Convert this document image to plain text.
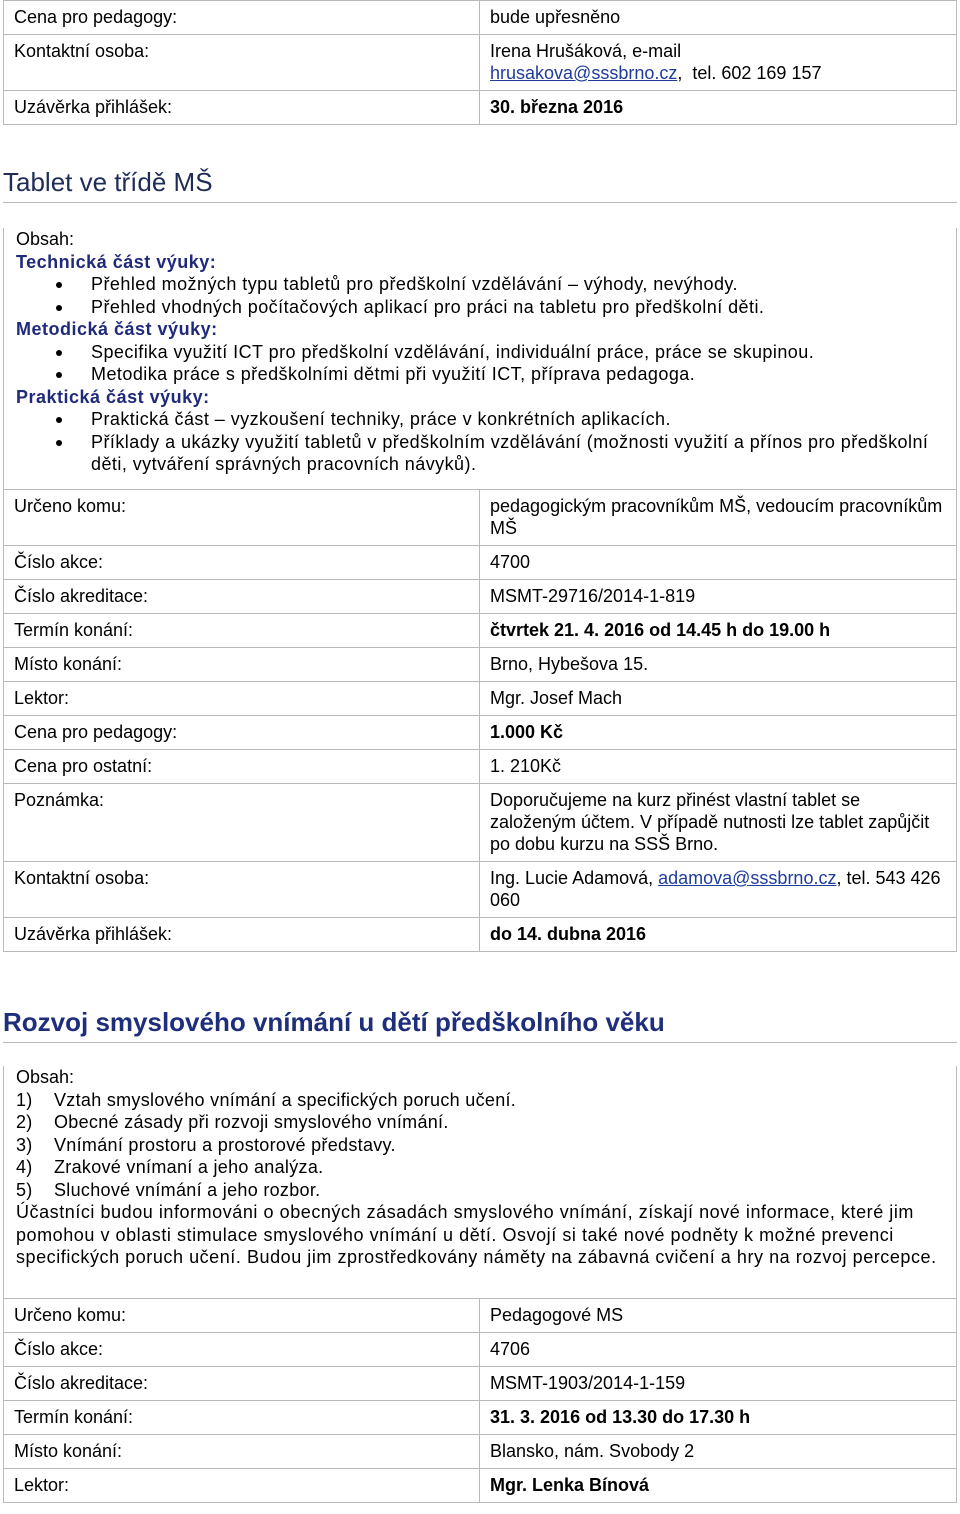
Cena pro pedagogy:	bude upřesněno
Kontaktní osoba:	Irena Hrušáková, e-mail
hrusakova@sssbrno.cz,  tel. 602 169 157
Uzávěrka přihlášek:	30. března 2016
Tablet ve třídě MŠ
Obsah:
Technická část výuky:
Přehled možných typu tabletů pro předškolní vzdělávání – výhody, nevýhody.
Přehled vhodných počítačových aplikací pro práci na tabletu pro předškolní děti.
Metodická část výuky:
Specifika využití ICT pro předškolní vzdělávání, individuální práce, práce se skupinou.
Metodika práce s předškolními dětmi při využití ICT, příprava pedagoga.
Praktická část výuky:
Praktická část – vyzkoušení techniky, práce v konkrétních aplikacích.
Příklady a ukázky využití tabletů v předškolním vzdělávání (možnosti využití a přínos pro předškolní děti, vytváření správných pracovních návyků).
Určeno komu:	pedagogickým pracovníkům MŠ, vedoucím pracovníkům MŠ
Číslo akce:	4700
Číslo akreditace:	MSMT-29716/2014-1-819
Termín konání:	čtvrtek 21. 4. 2016 od 14.45 h do 19.00 h
Místo konání:	Brno, Hybešova 15.
Lektor:	Mgr. Josef Mach
Cena pro pedagogy:	1.000 Kč
Cena pro ostatní:	1. 210Kč
Poznámka:	Doporučujeme na kurz přinést vlastní tablet se založeným účtem. V případě nutnosti lze tablet zapůjčit po dobu kurzu na SSŠ Brno.
Kontaktní osoba:	Ing. Lucie Adamová, adamova@sssbrno.cz, tel. 543 426 060
Uzávěrka přihlášek:	do 14. dubna 2016
Rozvoj smyslového vnímání u dětí předškolního věku
Obsah:
1) Vztah smyslového vnímání a specifických poruch učení.
2) Obecné zásady při rozvoji smyslového vnímání.
3) Vnímání prostoru a prostorové představy.
4) Zrakové vnímaní a jeho analýza.
5) Sluchové vnímání a jeho rozbor.
Účastníci budou informováni o obecných zásadách smyslového vnímání, získají nové informace, které jim pomohou v oblasti stimulace smyslového vnímání u dětí. Osvojí si také nové podněty k možné prevenci specifických poruch učení. Budou jim zprostředkovány náměty na zábavná cvičení a hry na rozvoj percepce.
Určeno komu:	Pedagogové MS
Číslo akce:	4706
Číslo akreditace:	MSMT-1903/2014-1-159
Termín konání:	31. 3. 2016 od 13.30 do 17.30 h
Místo konání:	Blansko, nám. Svobody 2
Lektor:	Mgr. Lenka Bínová
